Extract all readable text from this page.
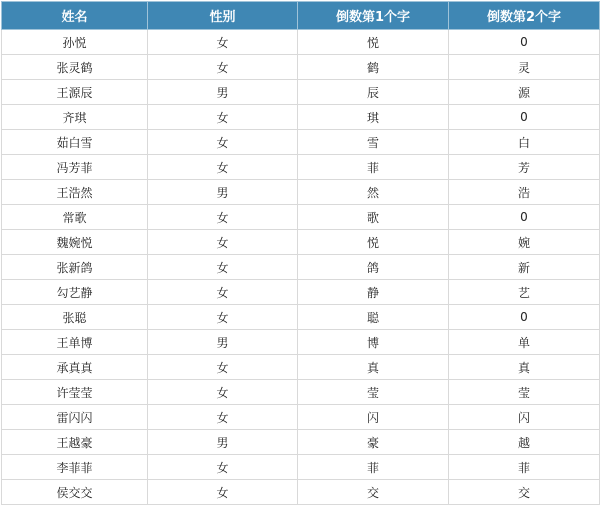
姓名	性别	倒数第1个字	倒数第2个字
孙悦	女	悦	0
张灵鹤	女	鹤	灵
王源辰	男	辰	源
齐琪	女	琪	0
茹白雪	女	雪	白
冯芳菲	女	菲	芳
王浩然	男	然	浩
常歌	女	歌	0
魏婉悦	女	悦	婉
张新鸽	女	鸽	新
勾艺静	女	静	艺
张聪	女	聪	0
王单博	男	博	单
承真真	女	真	真
许莹莹	女	莹	莹
雷闪闪	女	闪	闪
王越豪	男	豪	越
李菲菲	女	菲	菲
侯交交	女	交	交
